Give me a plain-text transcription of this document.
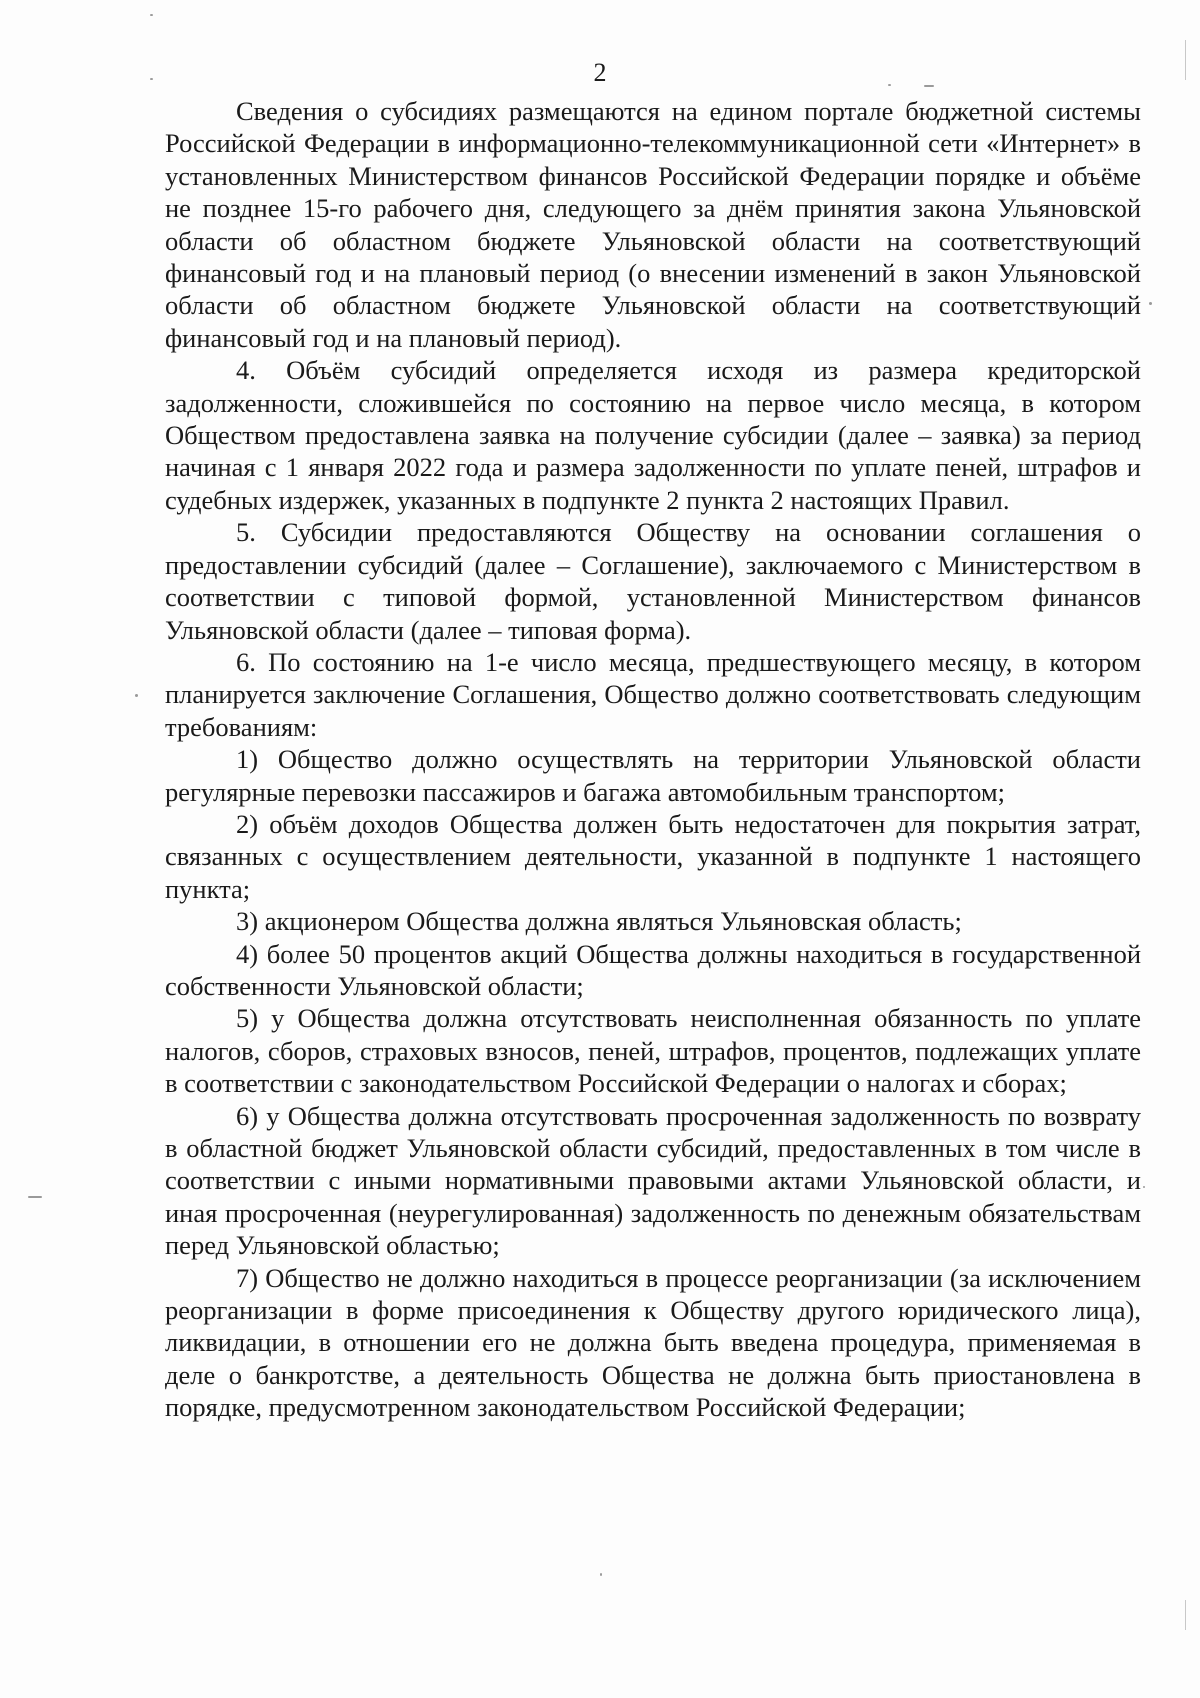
2

Сведения о субсидиях размещаются на едином портале бюджетной системы Российской Федерации в информационно-телекоммуникационной сети «Интернет» в установленных Министерством финансов Российской Федерации порядке и объёме не позднее 15-го рабочего дня, следующего за днём принятия закона Ульяновской области об областном бюджете Ульяновской области на соответствующий финансовый год и на плановый период (о внесении изменений в закон Ульяновской области об областном бюджете Ульяновской области на соответствующий финансовый год и на плановый период).

4. Объём субсидий определяется исходя из размера кредиторской задолженности, сложившейся по состоянию на первое число месяца, в котором Обществом предоставлена заявка на получение субсидии (далее – заявка) за период начиная с 1 января 2022 года и размера задолженности по уплате пеней, штрафов и судебных издержек, указанных в подпункте 2 пункта 2 настоящих Правил.

5. Субсидии предоставляются Обществу на основании соглашения о предоставлении субсидий (далее – Соглашение), заключаемого с Министерством в соответствии с типовой формой, установленной Министерством финансов Ульяновской области (далее – типовая форма).

6. По состоянию на 1-е число месяца, предшествующего месяцу, в котором планируется заключение Соглашения, Общество должно соответствовать следующим требованиям:

1) Общество должно осуществлять на территории Ульяновской области регулярные перевозки пассажиров и багажа автомобильным транспортом;

2) объём доходов Общества должен быть недостаточен для покрытия затрат, связанных с осуществлением деятельности, указанной в подпункте 1 настоящего пункта;

3) акционером Общества должна являться Ульяновская область;

4) более 50 процентов акций Общества должны находиться в государственной собственности Ульяновской области;

5) у Общества должна отсутствовать неисполненная обязанность по уплате налогов, сборов, страховых взносов, пеней, штрафов, процентов, подлежащих уплате в соответствии с законодательством Российской Федерации о налогах и сборах;

6) у Общества должна отсутствовать просроченная задолженность по возврату в областной бюджет Ульяновской области субсидий, предоставленных в том числе в соответствии с иными нормативными правовыми актами Ульяновской области, и иная просроченная (неурегулированная) задолженность по денежным обязательствам перед Ульяновской областью;

7) Общество не должно находиться в процессе реорганизации (за исключением реорганизации в форме присоединения к Обществу другого юридического лица), ликвидации, в отношении его не должна быть введена процедура, применяемая в деле о банкротстве, а деятельность Общества не должна быть приостановлена в порядке, предусмотренном законодательством Российской Федерации;
